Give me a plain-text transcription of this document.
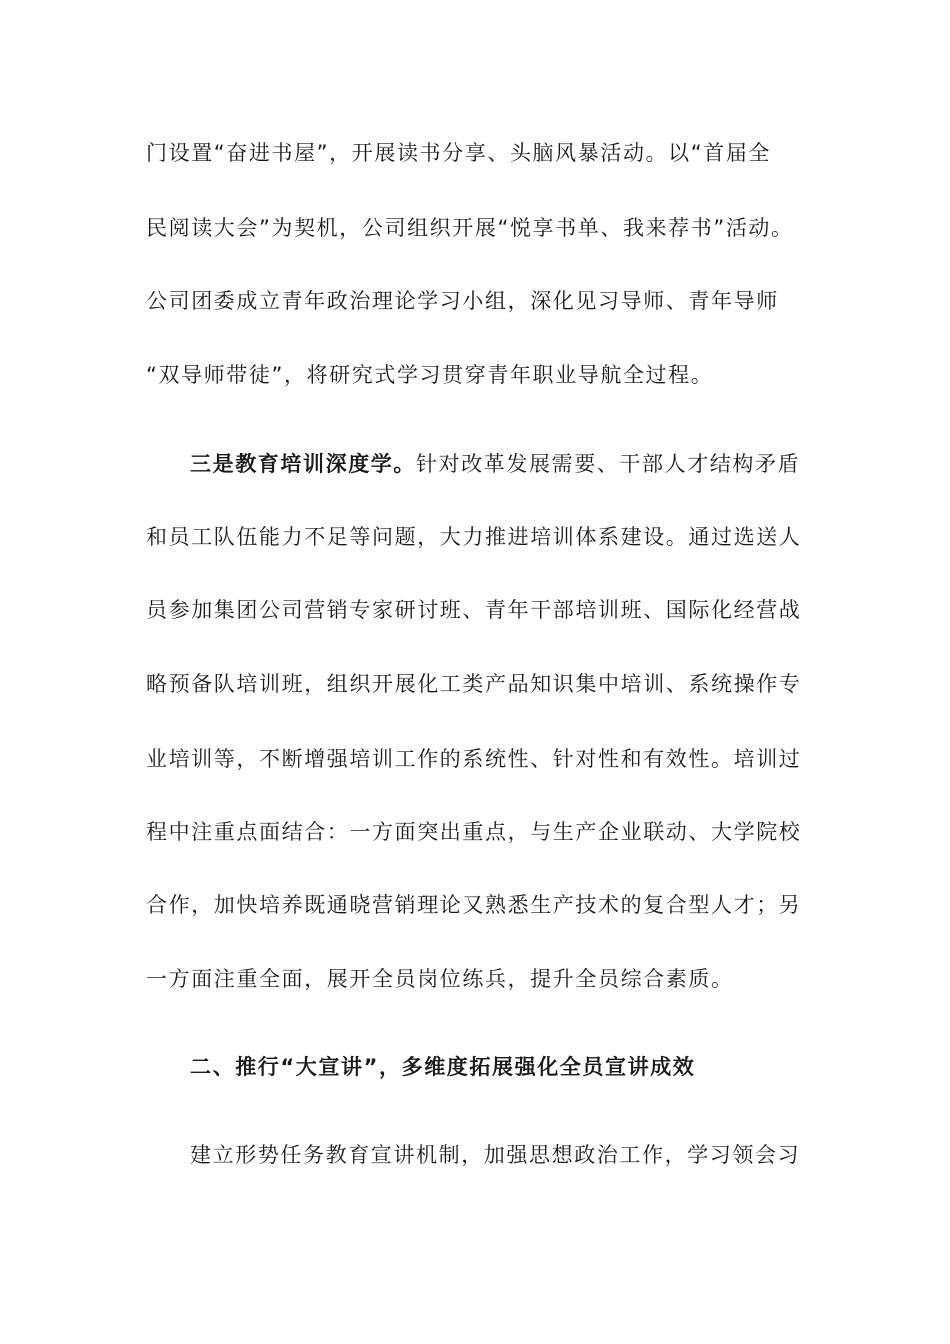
门设置“奋进书屋”，开展读书分享、头脑风暴活动。以“首届全
民阅读大会”为契机，公司组织开展“悦享书单、我来荐书”活动。
公司团委成立青年政治理论学习小组，深化见习导师、青年导师
“双导师带徒”，将研究式学习贯穿青年职业导航全过程。
三是教育培训深度学。针对改革发展需要、干部人才结构矛盾
和员工队伍能力不足等问题，大力推进培训体系建设。通过选送人
员参加集团公司营销专家研讨班、青年干部培训班、国际化经营战
略预备队培训班，组织开展化工类产品知识集中培训、系统操作专
业培训等，不断增强培训工作的系统性、针对性和有效性。培训过
程中注重点面结合：一方面突出重点，与生产企业联动、大学院校
合作，加快培养既通晓营销理论又熟悉生产技术的复合型人才；另
一方面注重全面，展开全员岗位练兵，提升全员综合素质。
二、推行“大宣讲”，多维度拓展强化全员宣讲成效
建立形势任务教育宣讲机制，加强思想政治工作，学习领会习
